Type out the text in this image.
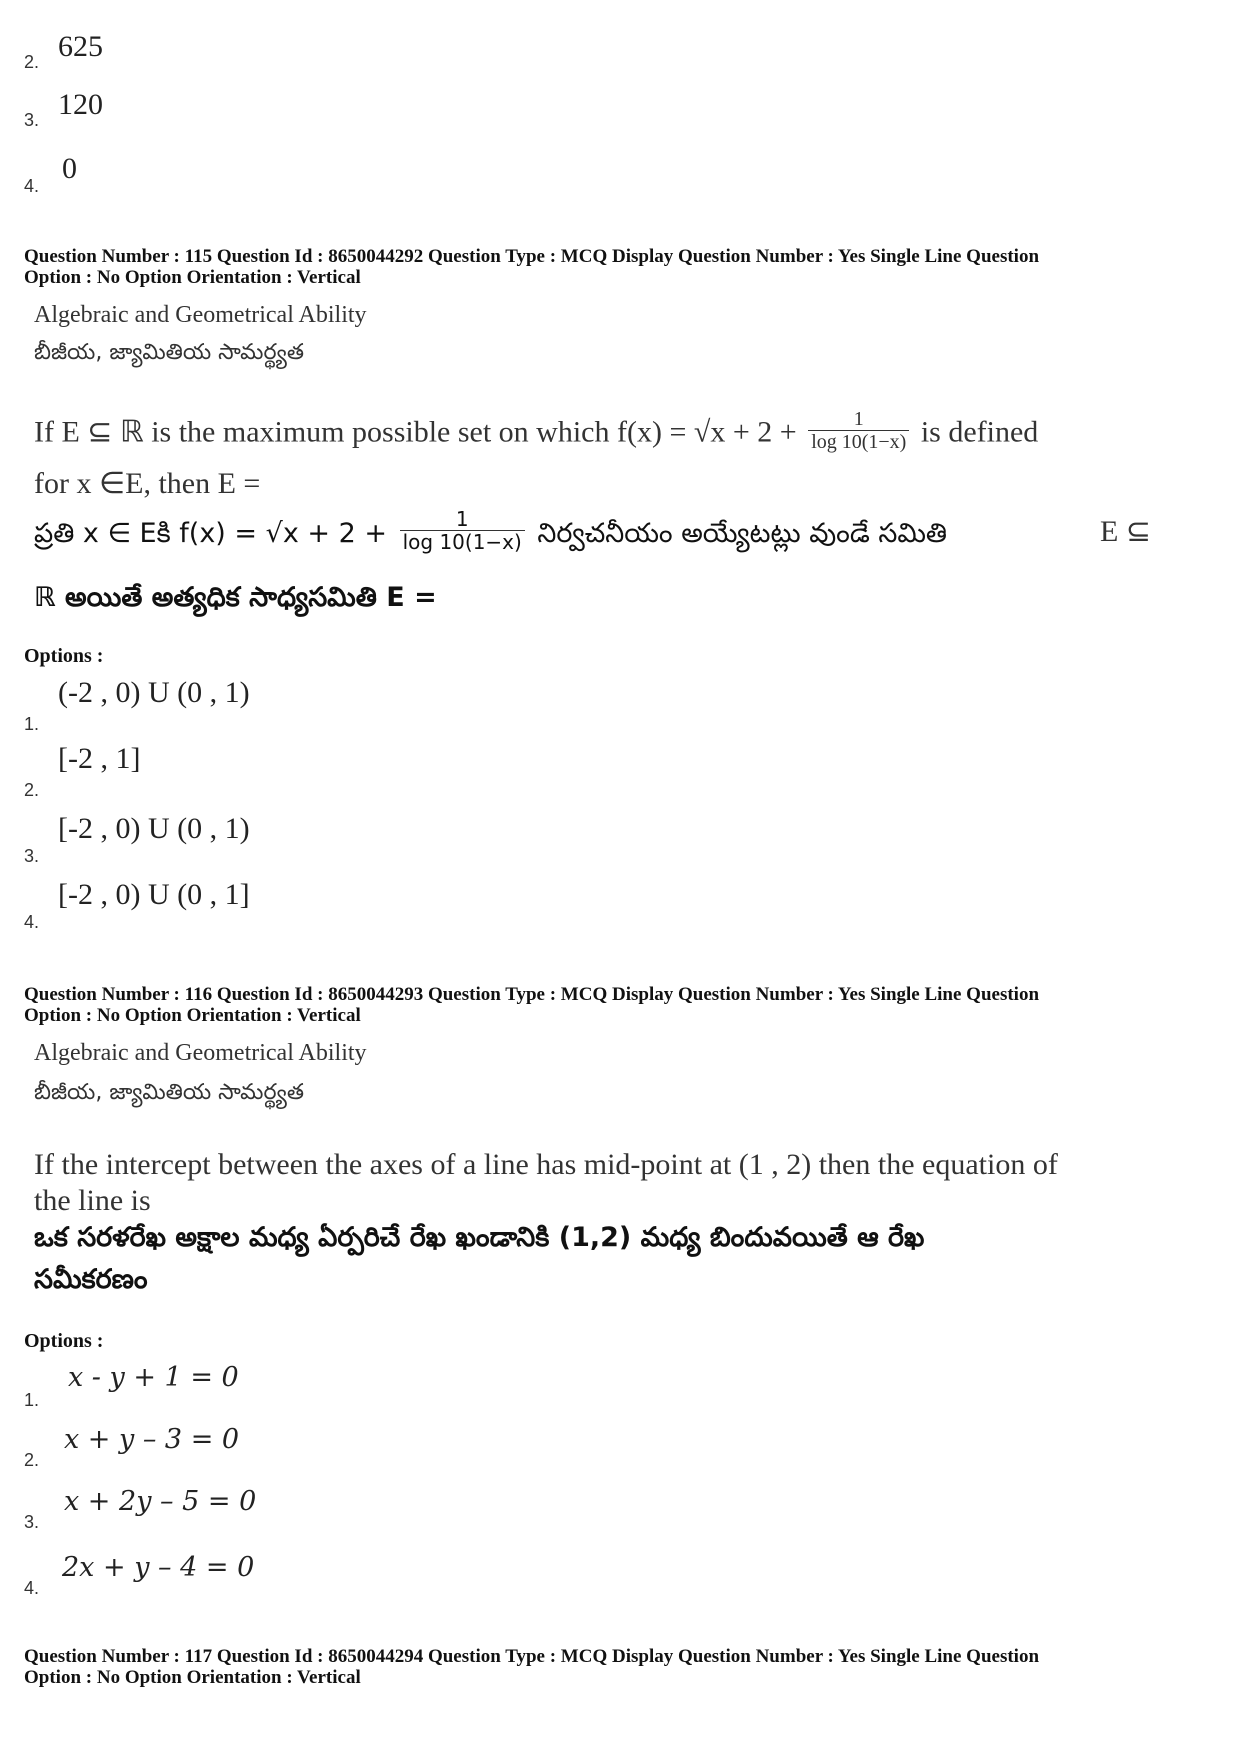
2. 625
3. 120
4.
0
Question Number : 115 Question Id : 8650044292 Question Type : MCQ Display Question Number : Yes Single Line Question
Option : No Option Orientation : Vertical
Algebraic and Geometrical Ability
బీజీయ, జ్యామితియ సామర్థ్యత
If E ⊆ ℝ is the maximum possible set on which $f(x) = √x + 2 + \frac{1}{\log 10(1-x)}$ is defined
for x ∈E, then E =
ప్రతి x ∈ Eకి $f(x) = √x + 2 + \frac{1}{\log 10(1-x)}$ నిర్వచనీయం అయ్యేటట్లు వుండే సమితి	E ⊆
ℝ అయితే అత్యధిక సాధ్యసమితి E =
Options :
1.
(-2 , 0) U (0 , 1)
2.
[-2 , 1]
3.
[-2 , 0) U (0 , 1)
4.
[-2 , 0) U (0 , 1]
Question Number : 116 Question Id : 8650044293 Question Type : MCQ Display Question Number : Yes Single Line Question
Option : No Option Orientation : Vertical
Algebraic and Geometrical Ability
బీజీయ, జ్యామితియ సామర్థ్యత
If the intercept between the axes of a line has mid-point at (1 , 2) then the equation of
the line is
ఒక సరళరేఖ అక్షాల మధ్య ఏర్పరిచే రేఖ ఖండానికి (1,2) మధ్య బిందువయితే ఆ రేఖ
సమీకరణం
Options :
1.
x - y + 1 = 0
2.
x + y – 3 = 0
3.
x + 2y – 5 = 0
4.
2x + y – 4 = 0
Question Number : 117 Question Id : 8650044294 Question Type : MCQ Display Question Number : Yes Single Line Question
Option : No Option Orientation : Vertical
